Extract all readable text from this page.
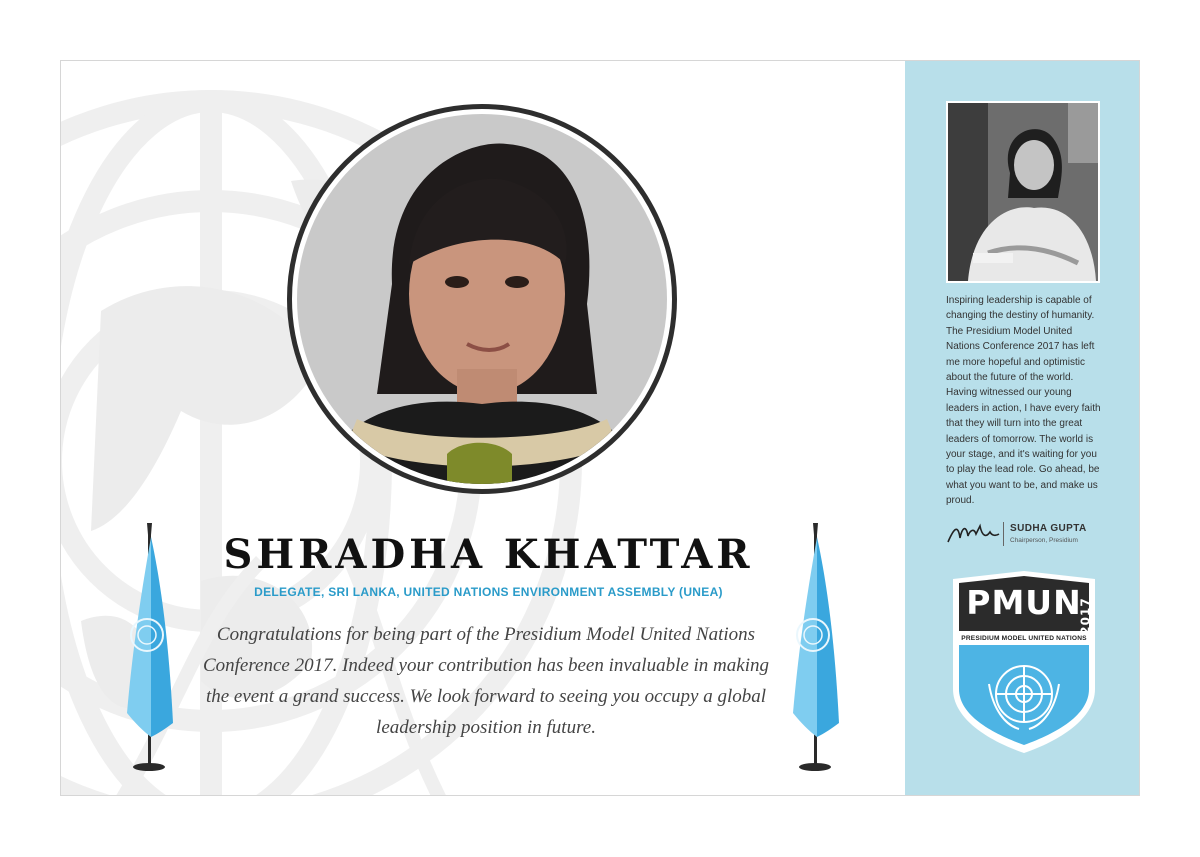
SHRADHA KHATTAR
DELEGATE, SRI LANKA, UNITED NATIONS ENVIRONMENT ASSEMBLY (UNEA)
Congratulations for being part of the Presidium Model United Nations Conference 2017. Indeed your contribution has been invaluable in making the event a grand success. We look forward to seeing you occupy a global leadership position in future.
Inspiring leadership is capable of changing the destiny of humanity. The Presidium Model United Nations Conference 2017 has left me more hopeful and optimistic about the future of the world. Having witnessed our young leaders in action, I have every faith that they will turn into the great leaders of tomorrow. The world is your stage, and it's waiting for you to play the lead role. Go ahead, be what you want to be, and make us proud.
SUDHA GUPTA
Chairperson, Presidium
PMUN
2017
PRESIDIUM MODEL UNITED NATIONS
